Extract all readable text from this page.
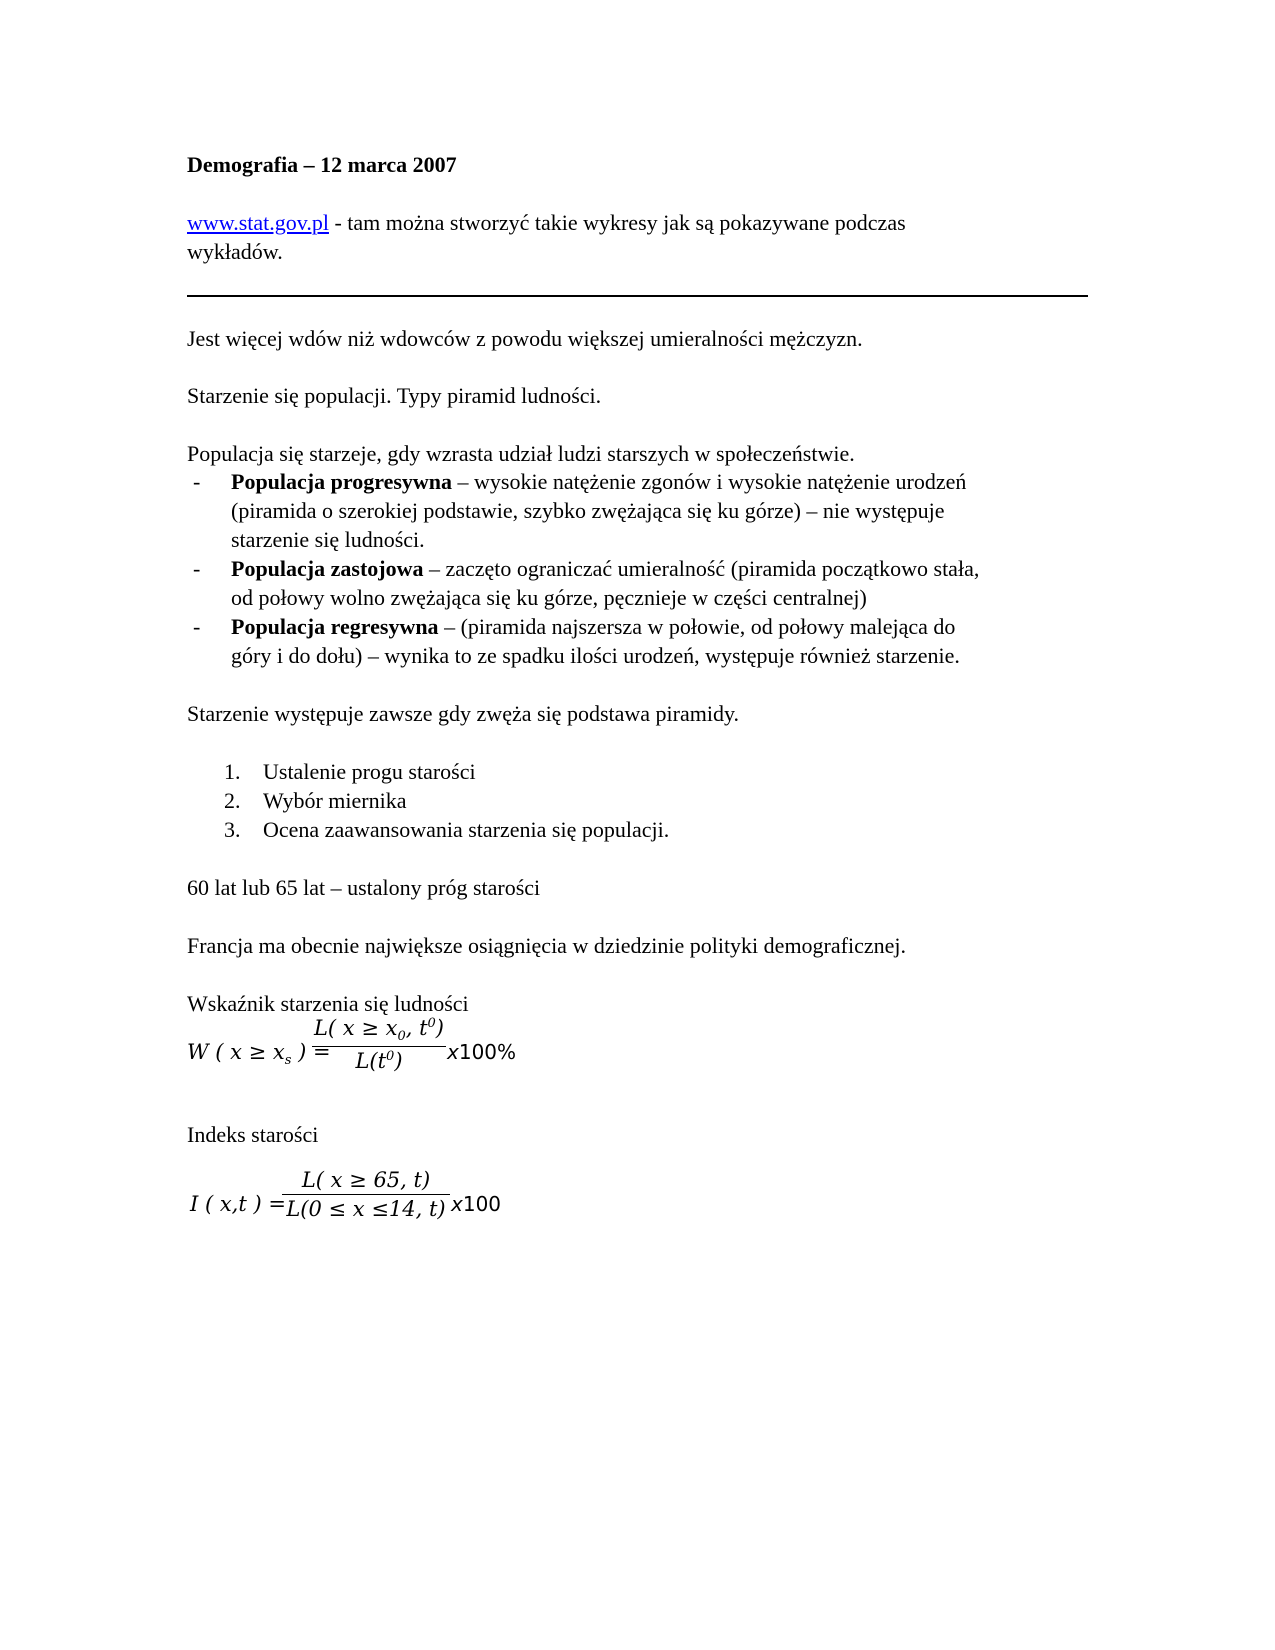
Demografia – 12 marca 2007
www.stat.gov.pl - tam można stworzyć takie wykresy jak są pokazywane podczas
wykładów.
Jest więcej wdów niż wdowców z powodu większej umieralności mężczyzn.
Starzenie się populacji. Typy piramid ludności.
Populacja się starzeje, gdy wzrasta udział ludzi starszych w społeczeństwie.
- Populacja progresywna – wysokie natężenie zgonów i wysokie natężenie urodzeń
(piramida o szerokiej podstawie, szybko zwężająca się ku górze) – nie występuje
starzenie się ludności.
- Populacja zastojowa – zaczęto ograniczać umieralność (piramida początkowo stała,
od połowy wolno zwężająca się ku górze, pęcznieje w części centralnej)
- Populacja regresywna – (piramida najszersza w połowie, od połowy malejąca do
góry i do dołu) – wynika to ze spadku ilości urodzeń, występuje również starzenie.
Starzenie występuje zawsze gdy zwęża się podstawa piramidy.
1. Ustalenie progu starości
2. Wybór miernika
3. Ocena zaawansowania starzenia się populacji.
60 lat lub 65 lat – ustalony próg starości
Francja ma obecnie największe osiągnięcia w dziedzinie polityki demograficznej.
Wskaźnik starzenia się ludności
W ( $x \ge x_s$ ) =
L( $x \ge x_0$, $t^0$)
$L(t^0)$	x100%
Indeks starości
I ( x,t ) =
L( x ≥ 65, t)
L(0 ≤ x ≤14, t) x100
